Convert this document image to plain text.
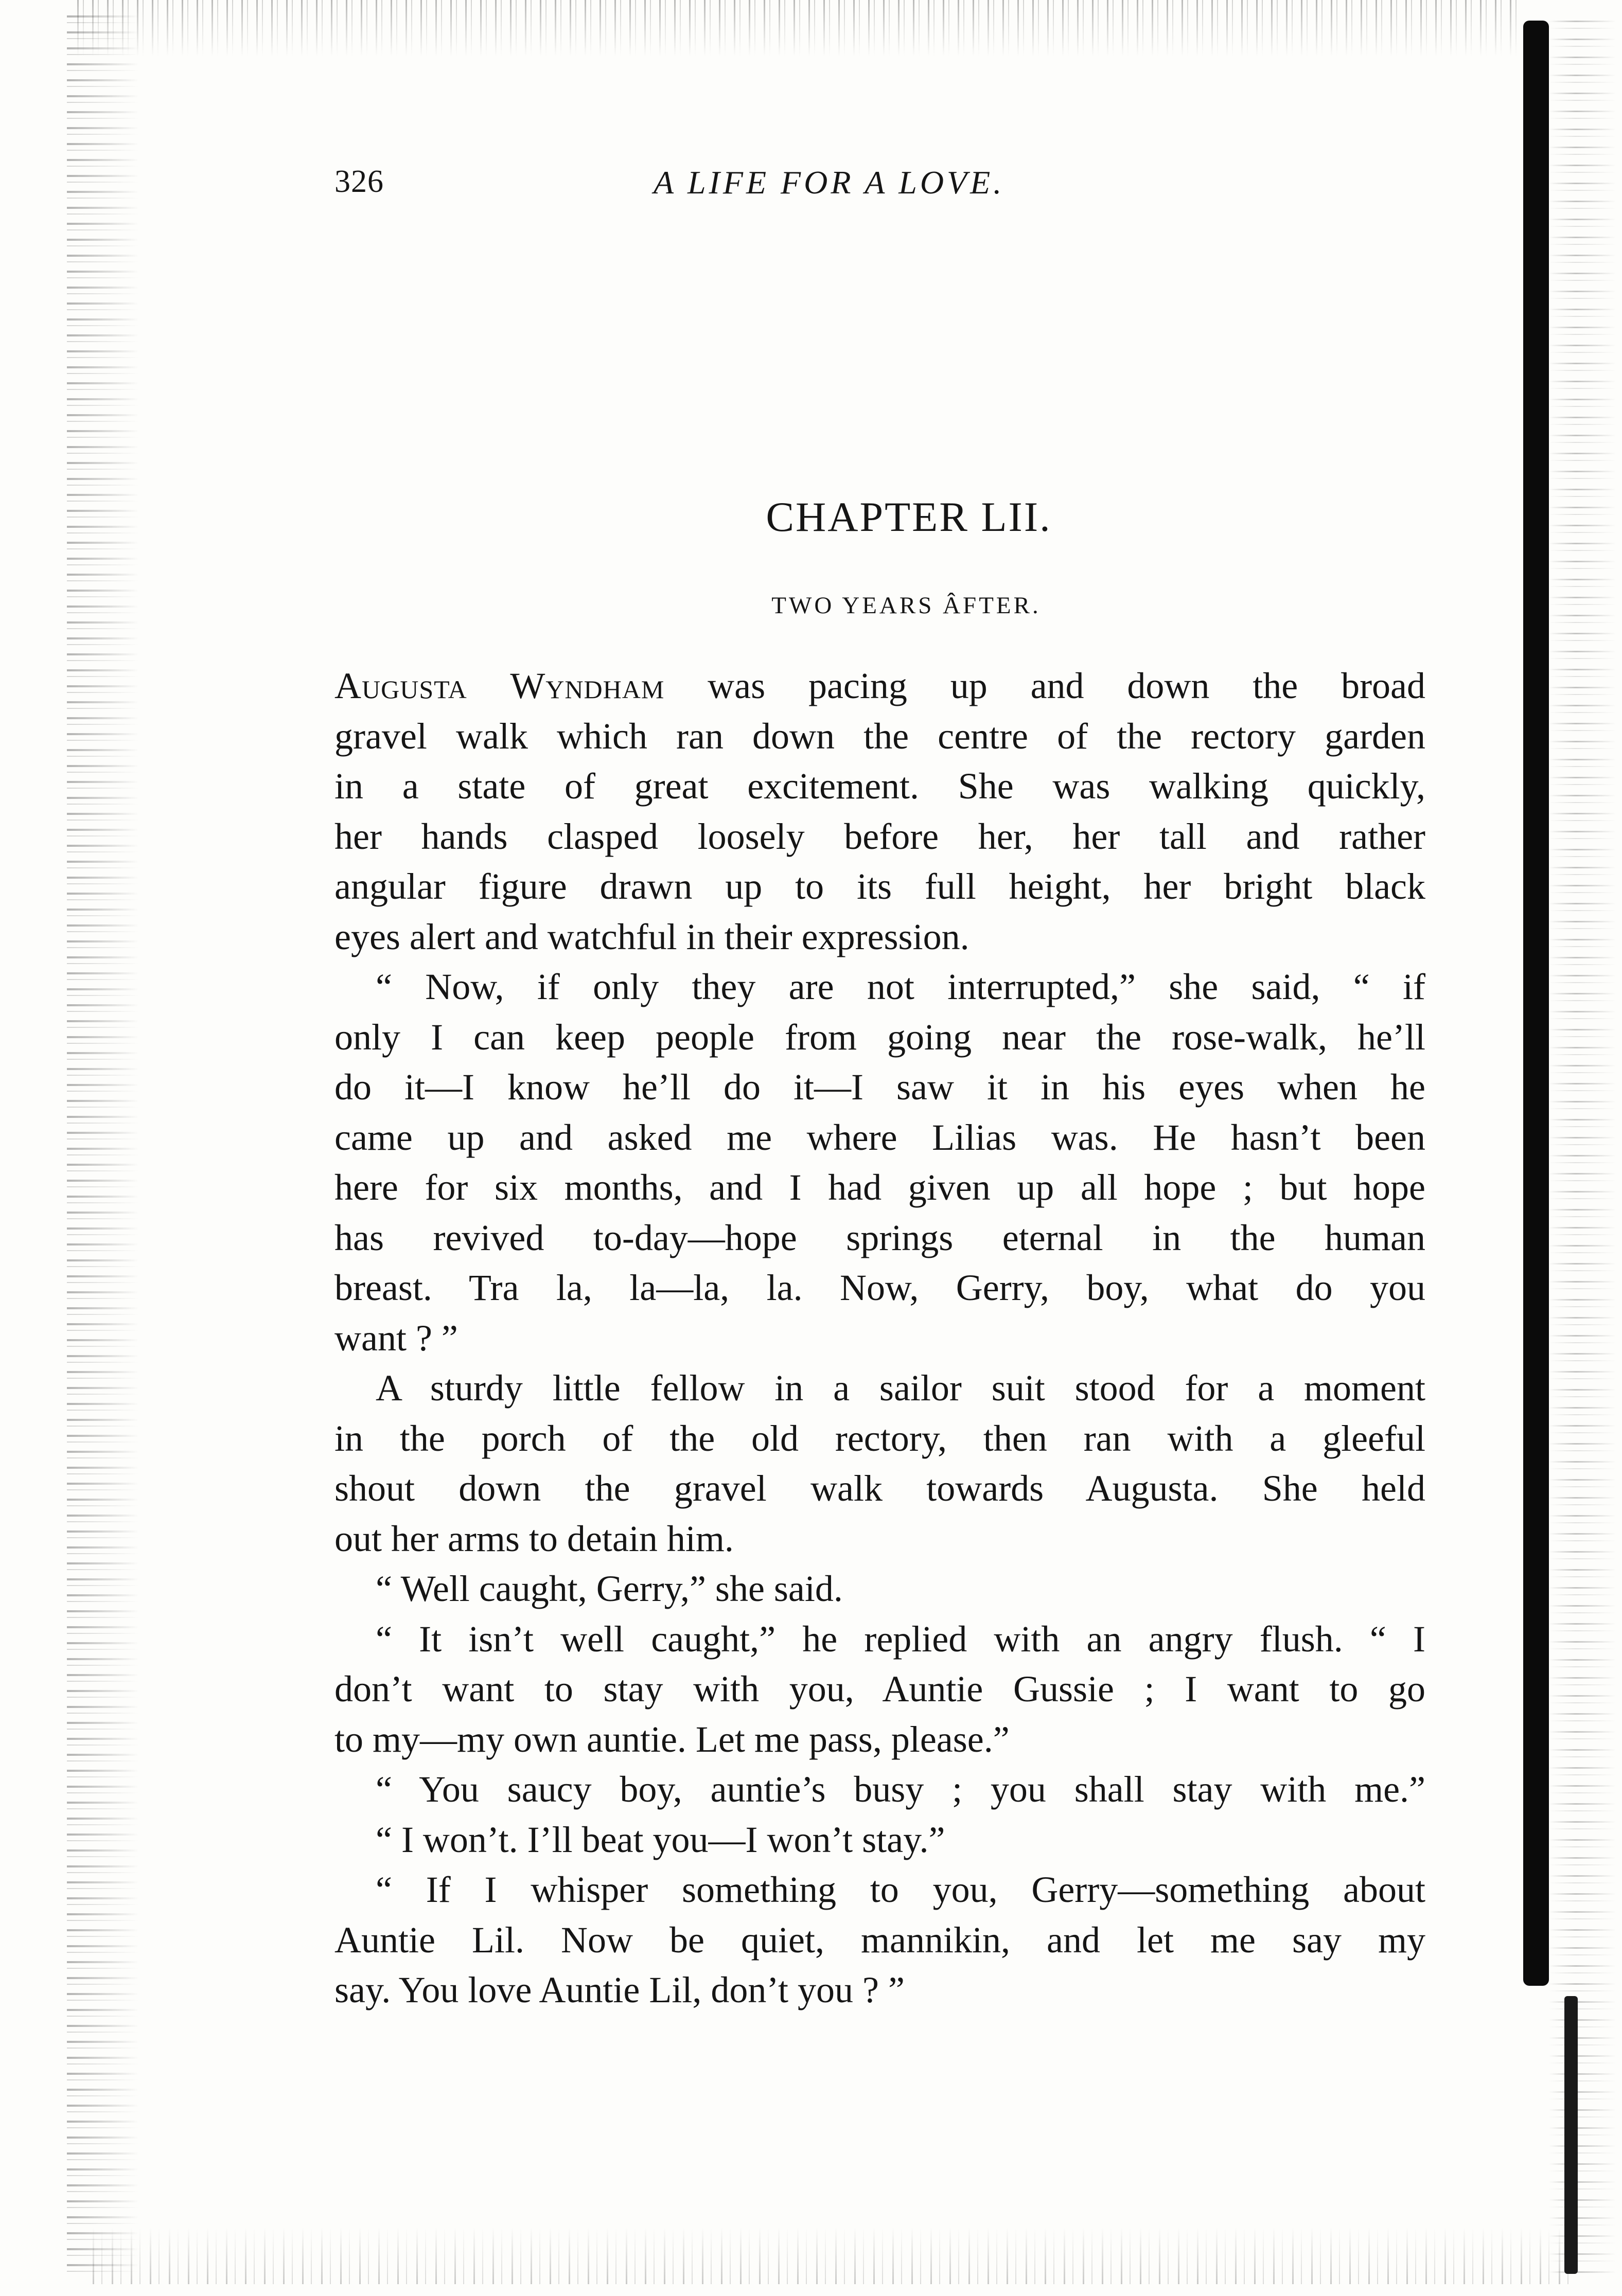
326	A LIFE FOR A LOVE.
CHAPTER LII.
TWO YEARS ÂFTER.
Augusta Wyndham was pacing up and down the broad
gravel walk which ran down the centre of the rectory garden
in a state of great excitement. She was walking quickly,
her hands clasped loosely before her, her tall and rather
angular figure drawn up to its full height, her bright black
eyes alert and watchful in their expression.
“ Now, if only they are not interrupted,” she said, “ if
only I can keep people from going near the rose-walk, he’ll
do it—I know he’ll do it—I saw it in his eyes when he
came up and asked me where Lilias was. He hasn’t been
here for six months, and I had given up all hope ; but hope
has revived to-day—hope springs eternal in the human
breast. Tra la, la—la, la. Now, Gerry, boy, what do you
want ? ”
A sturdy little fellow in a sailor suit stood for a moment
in the porch of the old rectory, then ran with a gleeful
shout down the gravel walk towards Augusta. She held
out her arms to detain him.
“ Well caught, Gerry,” she said.
“ It isn’t well caught,” he replied with an angry flush. “ I
don’t want to stay with you, Auntie Gussie ; I want to go
to my—my own auntie. Let me pass, please.”
“ You saucy boy, auntie’s busy ; you shall stay with me.”
“ I won’t. I’ll beat you—I won’t stay.”
“ If I whisper something to you, Gerry—something about
Auntie Lil. Now be quiet, mannikin, and let me say my
say. You love Auntie Lil, don’t you ? ”
